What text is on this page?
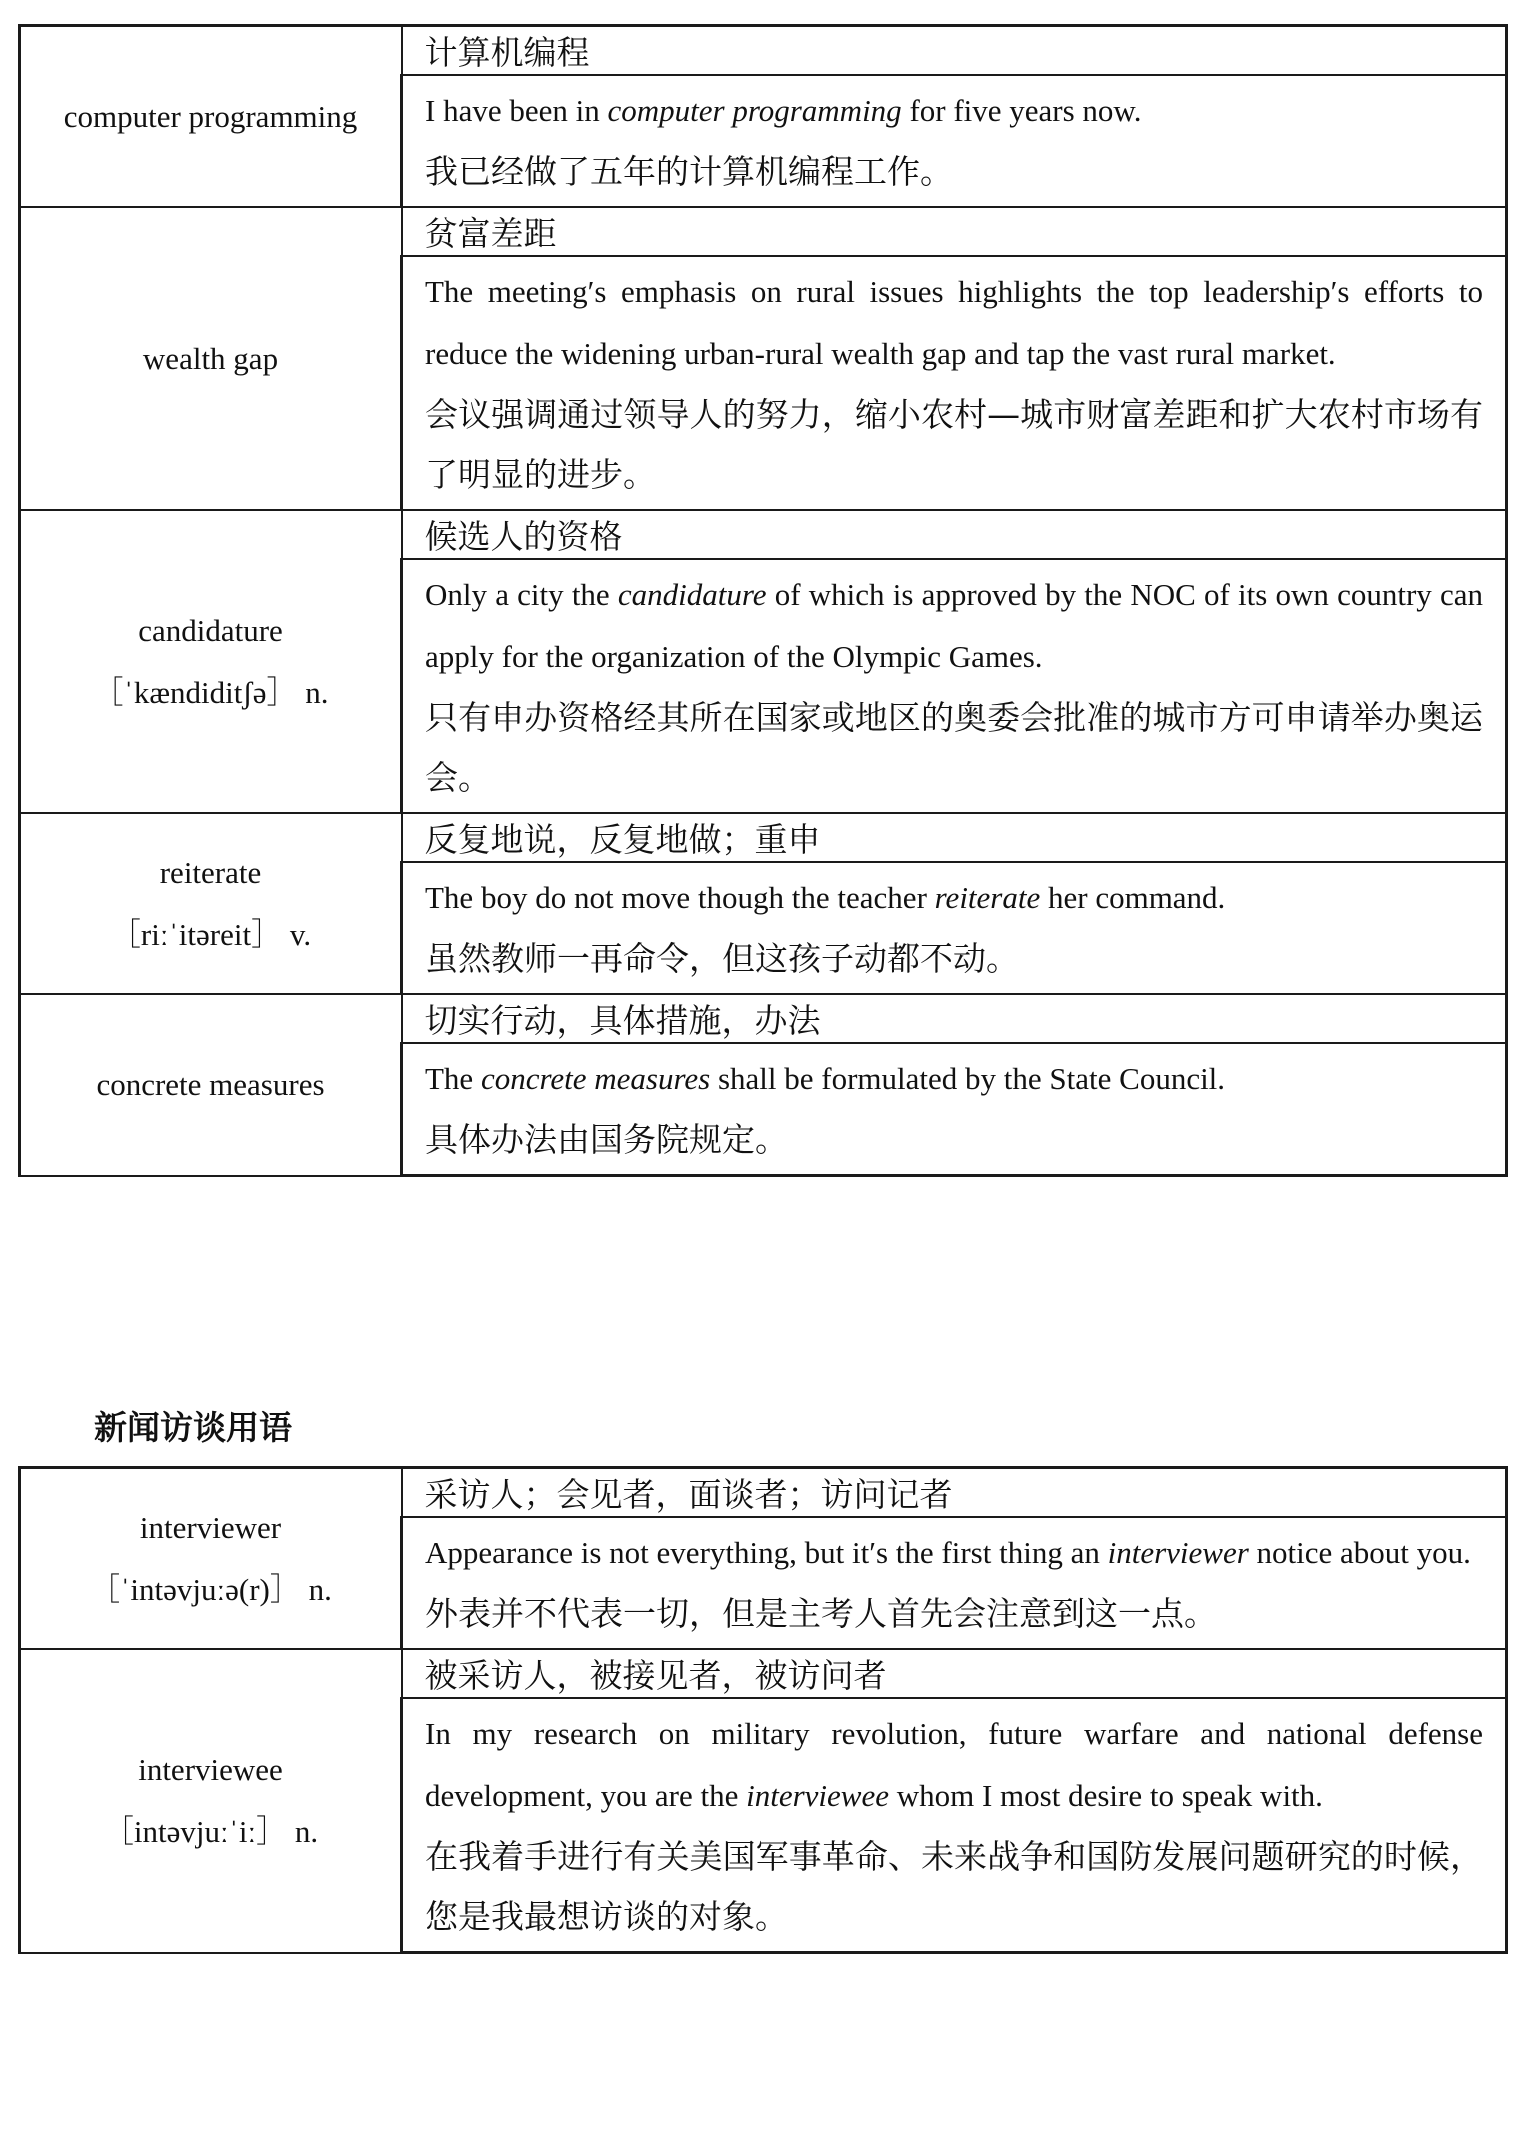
computer programming	计算机编程

	I have been in computer programming for five years now.
我已经做了五年的计算机编程工作。

wealth gap	贫富差距

	The meeting′s emphasis on rural issues highlights the top leadership′s efforts to reduce the widening urban-rural wealth gap and tap the vast rural market.
会议强调通过领导人的努力，缩小农村—城市财富差距和扩大农村市场有了明显的进步。

candidature
［ˈkændiditʃə］ n.	候选人的资格

	Only a city the candidature of which is approved by the NOC of its own country can apply for the organization of the Olympic Games.
只有申办资格经其所在国家或地区的奥委会批准的城市方可申请举办奥运会。

reiterate
［riːˈitəreit］ v.	反复地说，反复地做；重申

	The boy do not move though the teacher reiterate her command.
虽然教师一再命令，但这孩子动都不动。

concrete measures	切实行动，具体措施，办法

	The concrete measures shall be formulated by the State Council.
具体办法由国务院规定。
新闻访谈用语
interviewer
［ˈintəvjuːə(r)］ n.	采访人；会见者，面谈者；访问记者

	Appearance is not everything, but it′s the first thing an interviewer notice about you.
外表并不代表一切，但是主考人首先会注意到这一点。

interviewee
［intəvjuːˈiː］ n.	被采访人，被接见者，被访问者

	In my research on military revolution, future warfare and national defense development, you are the interviewee whom I most desire to speak with.
在我着手进行有关美国军事革命、未来战争和国防发展问题研究的时候，您是我最想访谈的对象。
